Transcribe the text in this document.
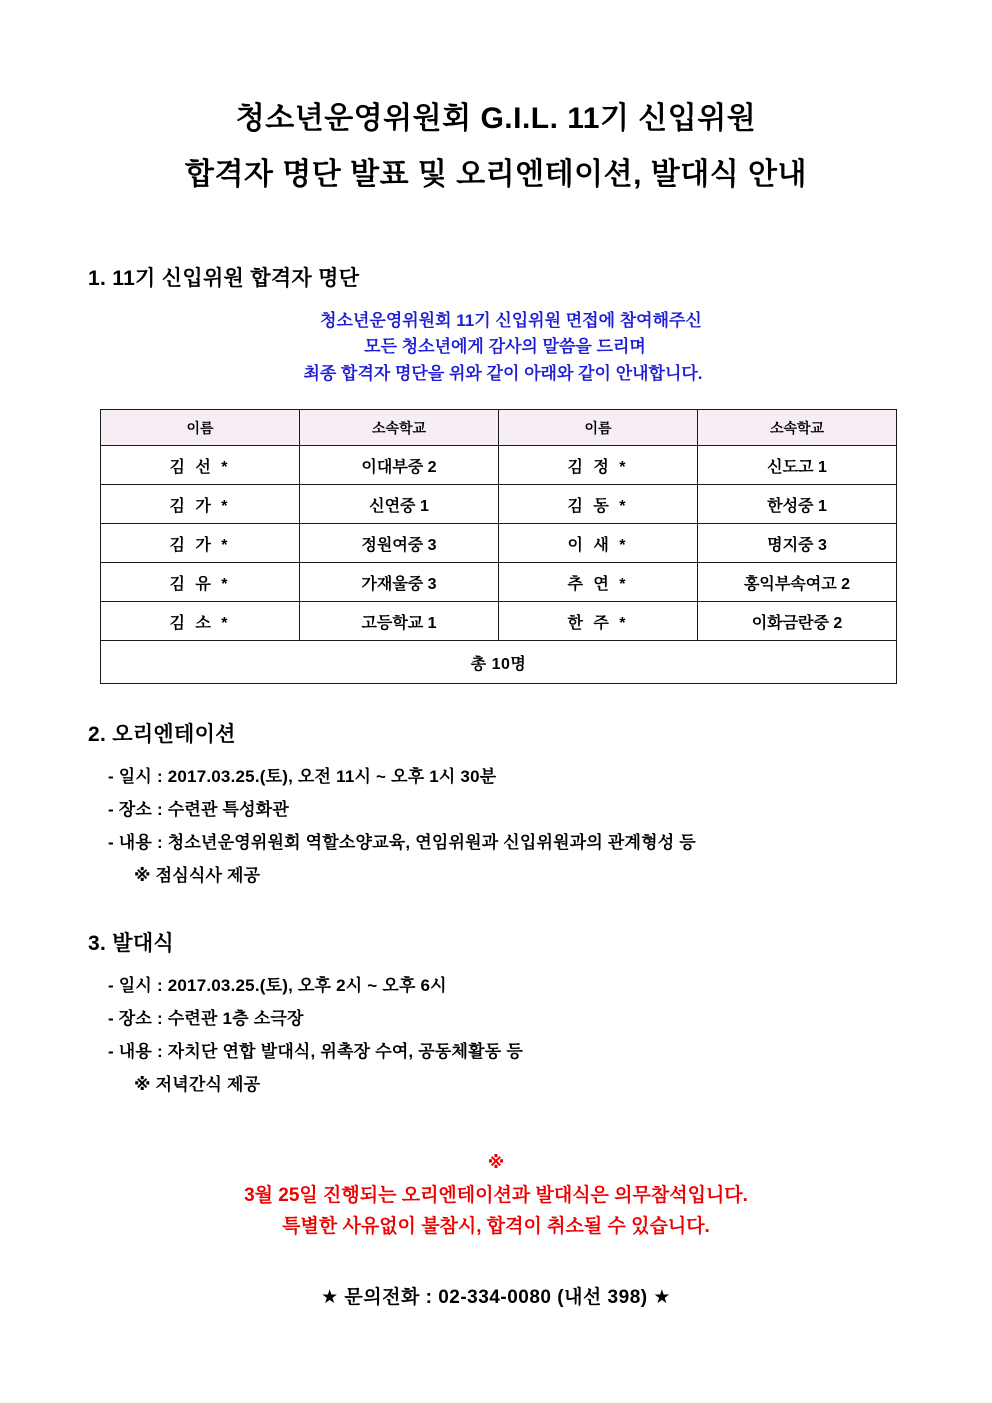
청소년운영위원회 G.I.L. 11기 신입위원
합격자 명단 발표 및 오리엔테이션, 발대식 안내
1. 11기 신입위원 합격자 명단
청소년운영위원회 11기 신입위원 면접에 참여해주신
모든 청소년에게 감사의 말씀을 드리며
최종 합격자 명단을 위와 같이 아래와 같이 안내합니다.
이름	소속학교	이름	소속학교
김 선 *	이대부중 2	김 정 *	신도고 1
김 가 *	신연중 1	김 동 *	한성중 1
김 가 *	정원여중 3	이 새 *	명지중 3
김 유 *	가재울중 3	추 연 *	홍익부속여고 2
김 소 *	고등학교 1	한 주 *	이화금란중 2
총 10명			
2. 오리엔테이션
- 일시 : 2017.03.25.(토), 오전 11시 ~ 오후 1시 30분
- 장소 : 수련관 특성화관
- 내용 : 청소년운영위원회 역할소양교육, 연임위원과 신입위원과의 관계형성 등
※ 점심식사 제공
3. 발대식
- 일시 : 2017.03.25.(토), 오후 2시 ~ 오후 6시
- 장소 : 수련관 1층 소극장
- 내용 : 자치단 연합 발대식, 위촉장 수여, 공동체활동 등
※ 저녁간식 제공
※
3월 25일 진행되는 오리엔테이션과 발대식은 의무참석입니다.
특별한 사유없이 불참시, 합격이 취소될 수 있습니다.
★ 문의전화 : 02-334-0080 (내선 398) ★
